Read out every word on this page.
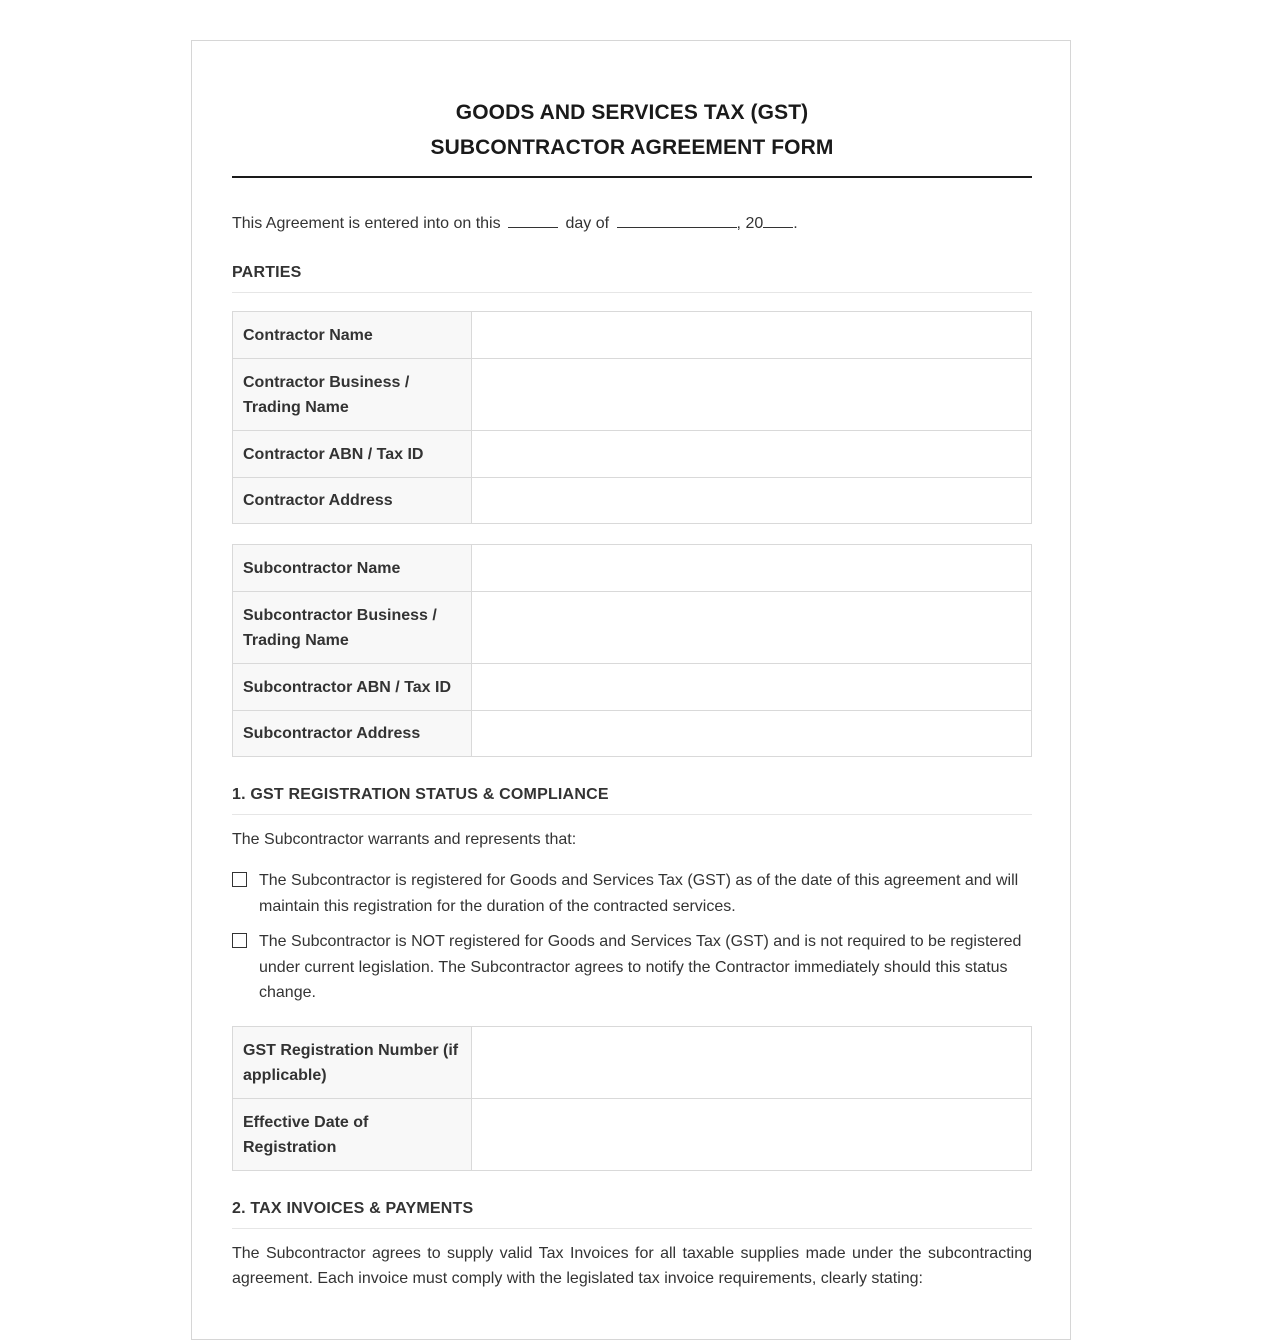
GOODS AND SERVICES TAX (GST)
SUBCONTRACTOR AGREEMENT FORM
This Agreement is entered into on this	day of	, 20 .
PARTIES
Contractor Name	
Contractor Business / Trading Name	
Contractor ABN / Tax ID	
Contractor Address	
Subcontractor Name	
Subcontractor Business / Trading Name	
Subcontractor ABN / Tax ID	
Subcontractor Address	
1. GST REGISTRATION STATUS & COMPLIANCE
The Subcontractor warrants and represents that:
The Subcontractor is registered for Goods and Services Tax (GST) as of the date of this agreement and will maintain this registration for the duration of the contracted services.
The Subcontractor is NOT registered for Goods and Services Tax (GST) and is not required to be registered under current legislation. The Subcontractor agrees to notify the Contractor immediately should this status change.
GST Registration Number (if applicable)	
Effective Date of Registration	
2. TAX INVOICES & PAYMENTS
The Subcontractor agrees to supply valid Tax Invoices for all taxable supplies made under the subcontracting agreement. Each invoice must comply with the legislated tax invoice requirements, clearly stating:
